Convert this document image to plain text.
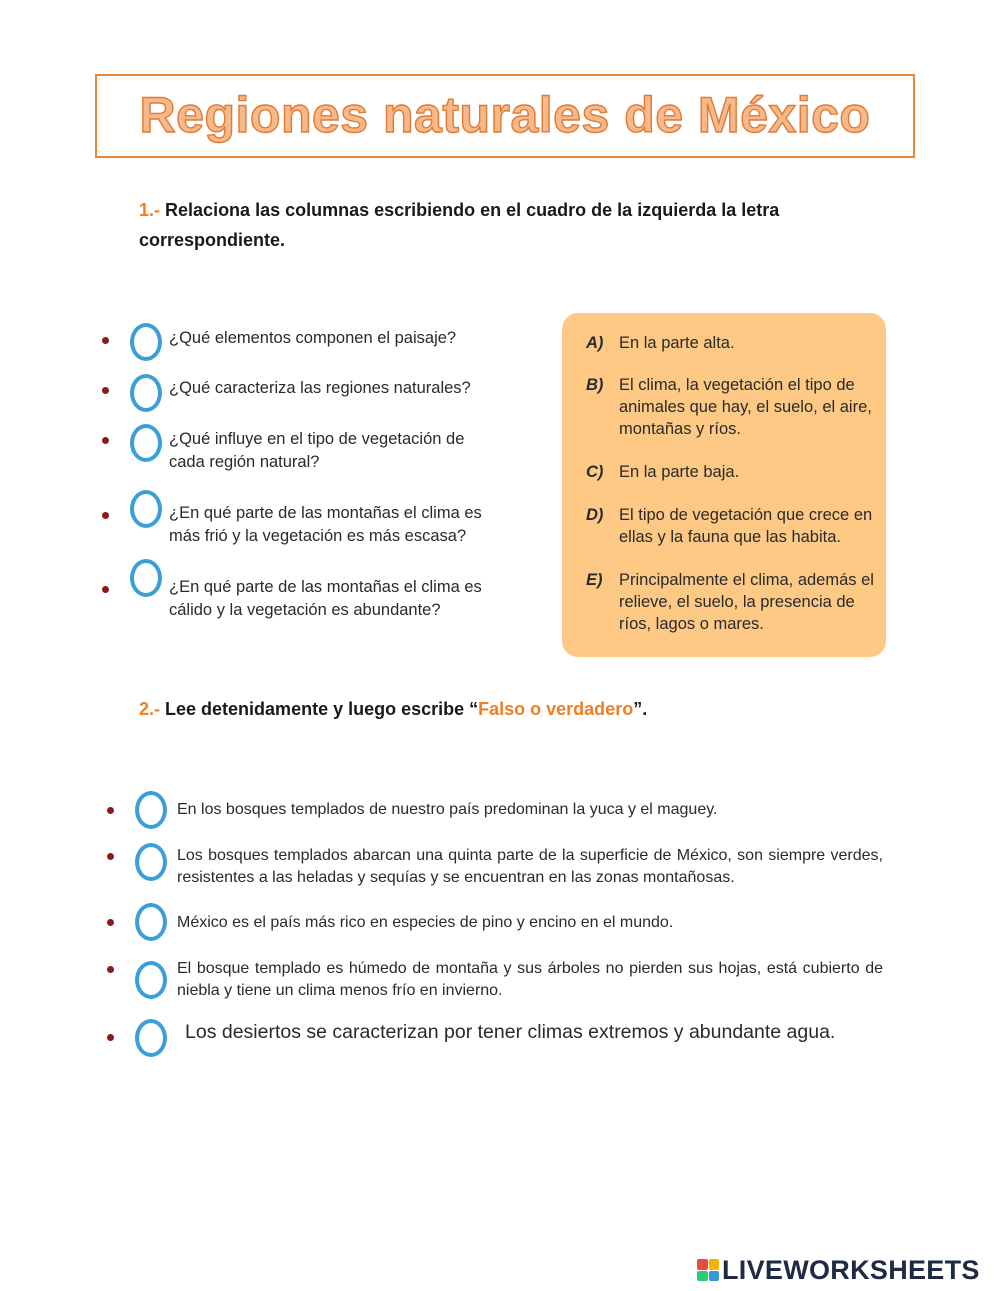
Regiones naturales de México
1.- Relaciona las columnas escribiendo en el cuadro de la izquierda la letra correspondiente.
¿Qué elementos componen el paisaje?
¿Qué caracteriza las regiones naturales?
¿Qué influye en el tipo de vegetación de cada región natural?
¿En qué parte de las montañas el clima es más frió y la vegetación es más escasa?
¿En qué parte de las montañas el clima es cálido y la vegetación es abundante?
A) En la parte alta.
B) El clima, la vegetación el tipo de animales que hay, el suelo, el aire, montañas y ríos.
C) En la parte baja.
D) El tipo de vegetación que crece en ellas y la fauna que las habita.
E) Principalmente el clima, además el relieve, el suelo, la presencia de ríos, lagos o mares.
2.- Lee detenidamente y luego escribe “Falso o verdadero”.
En los bosques templados de nuestro país predominan la yuca y el maguey.
Los bosques templados abarcan una quinta parte de la superficie de México, son siempre verdes, resistentes a las heladas y sequías y se encuentran en las zonas montañosas.
México es el país más rico en especies de pino y encino en el mundo.
El bosque templado es húmedo de montaña y sus árboles no pierden sus hojas, está cubierto de niebla y tiene un clima menos frío en invierno.
Los desiertos se caracterizan por tener climas extremos y abundante agua.
LIVEWORKSHEETS
